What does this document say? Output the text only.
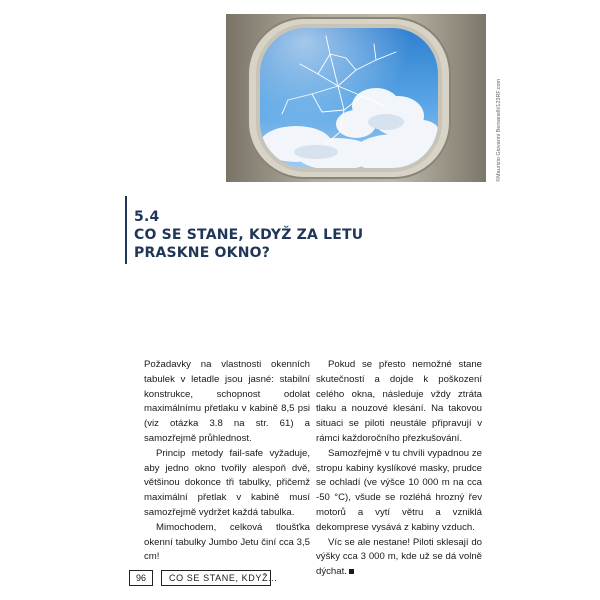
©Maurizio Giovanni Bersanelli/123RF.com
5.4
CO SE STANE, KDYŽ ZA LETU
PRASKNE OKNO?

Požadavky na vlastnosti okenních tabulek v letadle jsou jasné: stabilní konstrukce, schopnost odolat maximálnímu přetlaku v kabině 8,5 psi (viz otázka 3.8 na str. 61) a samozřejmě průhlednost.

Princip metody fail-safe vyžaduje, aby jedno okno tvořily alespoň dvě, většinou dokonce tři tabulky, přičemž maximální přetlak v kabině musí samozřejmě vydržet každá tabulka.

Mimochodem, celková tloušťka okenní tabulky Jumbo Jetu činí cca 3,5 cm!

Pokud se přesto nemožné stane skutečností a dojde k poškození celého okna, následuje vždy ztráta tlaku a nouzové klesání. Na takovou situaci se piloti neustále připravují v rámci každoročního přezkušování.

Samozřejmě v tu chvíli vypadnou ze stropu kabiny kyslíkové masky, prudce se ochladí (ve výšce 10 000 m na cca -50 °C), všude se rozléhá hrozný řev motorů a vytí větru a vzniklá dekomprese vysává z kabiny vzduch.

Víc se ale nestane! Piloti sklesají do výšky cca 3 000 m, kde už se dá volně dýchat.

96	CO SE STANE, KDYŽ...
